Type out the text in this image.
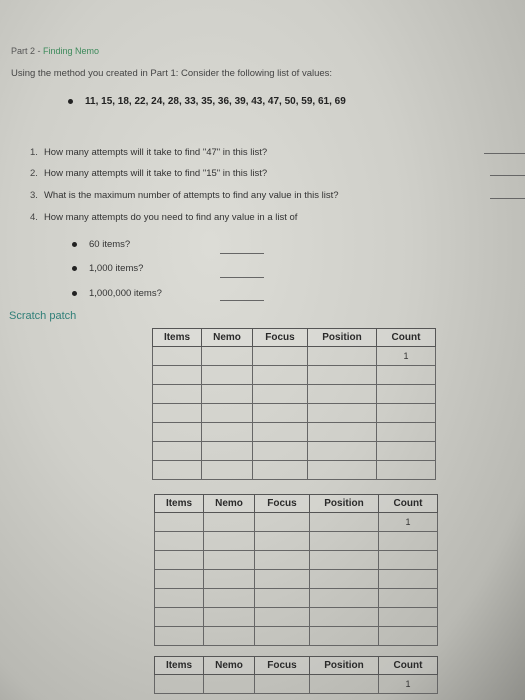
Part 2 - Finding Nemo
Using the method you created in Part 1: Consider the following list of values:
11, 15, 18, 22, 24, 28, 33, 35, 36, 39, 43, 47, 50, 59, 61, 69
1. How many attempts will it take to find "47" in this list?
2. How many attempts will it take to find "15" in this list?
3. What is the maximum number of attempts to find any value in this list?
4. How many attempts do you need to find any value in a list of
60 items?
1,000 items?
1,000,000 items?
Scratch patch
Items	Nemo	Focus	Position	Count
				1

Items	Nemo	Focus	Position	Count
				1

Items	Nemo	Focus	Position	Count
				1
